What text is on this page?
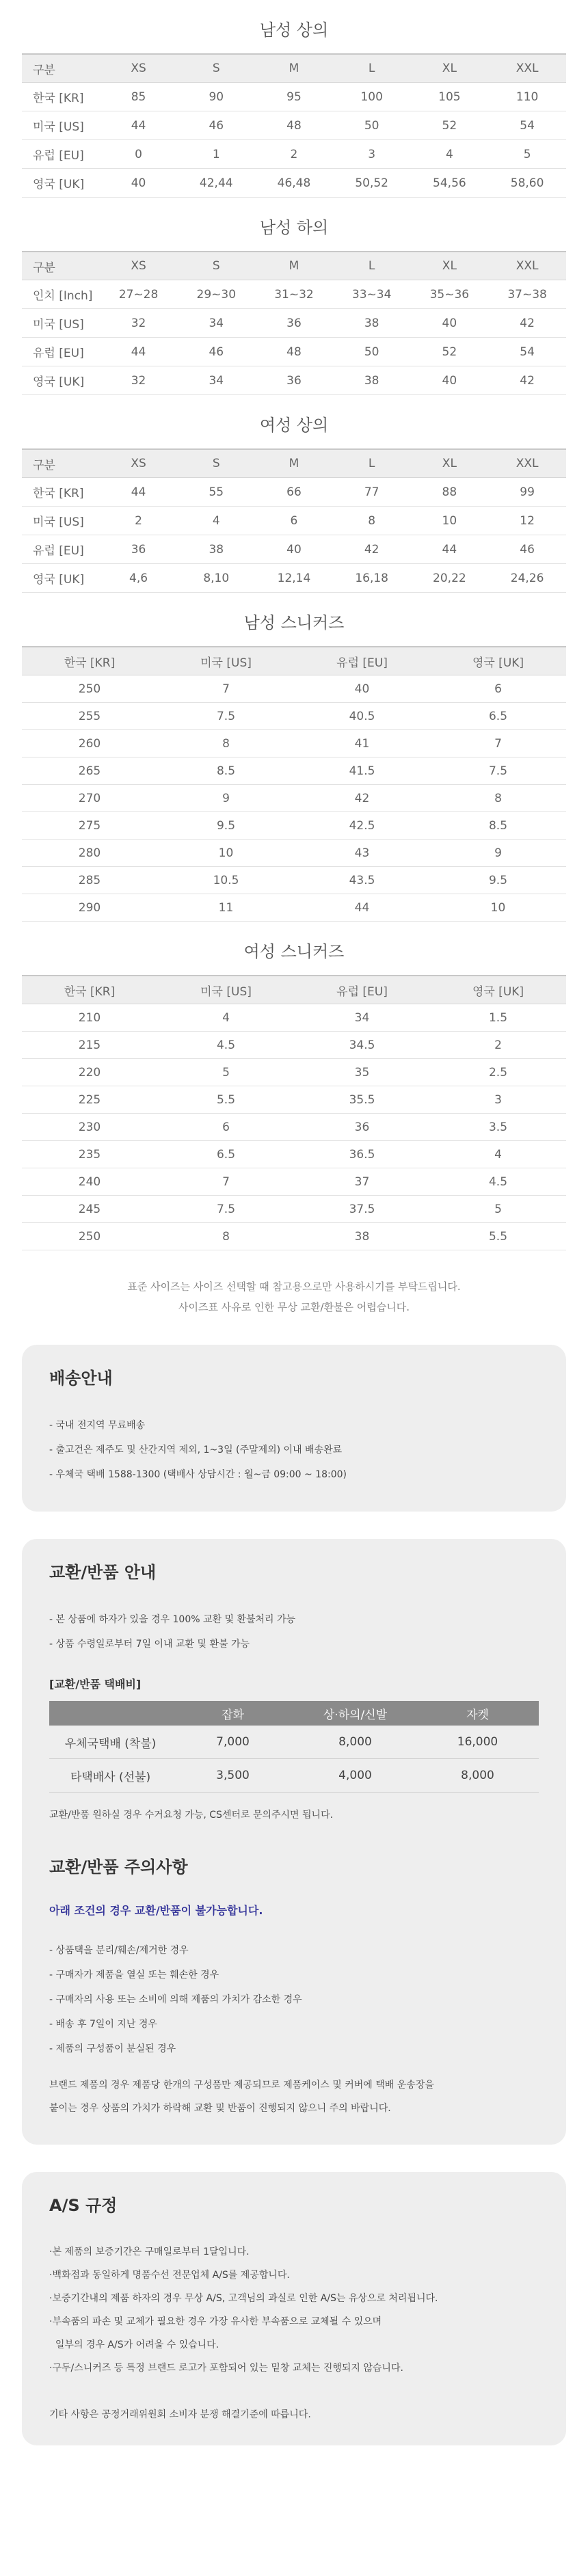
남성 상의
구분	XS	S	M	L	XL	XXL
한국 [KR]	85	90	95	100	105	110
미국 [US]	44	46	48	50	52	54
유럽 [EU]	0	1	2	3	4	5
영국 [UK]	40	42,44	46,48	50,52	54,56	58,60
남성 하의
구분	XS	S	M	L	XL	XXL
인치 [Inch]	27~28	29~30	31~32	33~34	35~36	37~38
미국 [US]	32	34	36	38	40	42
유럽 [EU]	44	46	48	50	52	54
영국 [UK]	32	34	36	38	40	42
여성 상의
구분	XS	S	M	L	XL	XXL
한국 [KR]	44	55	66	77	88	99
미국 [US]	2	4	6	8	10	12
유럽 [EU]	36	38	40	42	44	46
영국 [UK]	4,6	8,10	12,14	16,18	20,22	24,26
남성 스니커즈
한국 [KR]	미국 [US]	유럽 [EU]	영국 [UK]
250	7	40	6
255	7.5	40.5	6.5
260	8	41	7
265	8.5	41.5	7.5
270	9	42	8
275	9.5	42.5	8.5
280	10	43	9
285	10.5	43.5	9.5
290	11	44	10
여성 스니커즈
한국 [KR]	미국 [US]	유럽 [EU]	영국 [UK]
210	4	34	1.5
215	4.5	34.5	2
220	5	35	2.5
225	5.5	35.5	3
230	6	36	3.5
235	6.5	36.5	4
240	7	37	4.5
245	7.5	37.5	5
250	8	38	5.5
표준 사이즈는 사이즈 선택할 때 참고용으로만 사용하시기를 부탁드립니다.
사이즈표 사유로 인한 무상 교환/환불은 어렵습니다.
배송안내
- 국내 전지역 무료배송
- 출고건은 제주도 및 산간지역 제외, 1~3일 (주말제외) 이내 배송완료
- 우체국 택배 1588-1300 (택배사 상담시간 : 월~금 09:00 ~ 18:00)
교환/반품 안내
- 본 상품에 하자가 있을 경우 100% 교환 및 환불처리 가능
- 상품 수령일로부터 7일 이내 교환 및 환불 가능
[교환/반품 택배비]
	잡화	상·하의/신발	자켓
우체국택배 (착불)	7,000	8,000	16,000
타택배사 (선불)	3,500	4,000	8,000
교환/반품 원하실 경우 수거요청 가능, CS센터로 문의주시면 됩니다.
교환/반품 주의사항
아래 조건의 경우 교환/반품이 불가능합니다.
- 상품택을 분리/훼손/제거한 경우
- 구매자가 제품을 열실 또는 훼손한 경우
- 구매자의 사용 또는 소비에 의해 제품의 가치가 감소한 경우
- 배송 후 7일이 지난 경우
- 제품의 구성품이 분실된 경우
브랜드 제품의 경우 제품당 한개의 구성품만 제공되므로 제품케이스 및 커버에 택배 운송장을
붙이는 경우 상품의 가치가 하락해 교환 및 반품이 진행되지 않으니 주의 바랍니다.
A/S 규정
·본 제품의 보증기간은 구매일로부터 1달입니다.
·백화점과 동일하게 명품수선 전문업체 A/S를 제공합니다.
·보증기간내의 제품 하자의 경우 무상 A/S, 고객님의 과실로 인한 A/S는 유상으로 처리됩니다.
·부속품의 파손 및 교체가 필요한 경우 가장 유사한 부속품으로 교체될 수 있으며
일부의 경우 A/S가 어려울 수 있습니다.
·구두/스니커즈 등 특정 브랜드 로고가 포함되어 있는 밑창 교체는 진행되지 않습니다.
기타 사항은 공정거래위원회 소비자 분쟁 해결기준에 따릅니다.
